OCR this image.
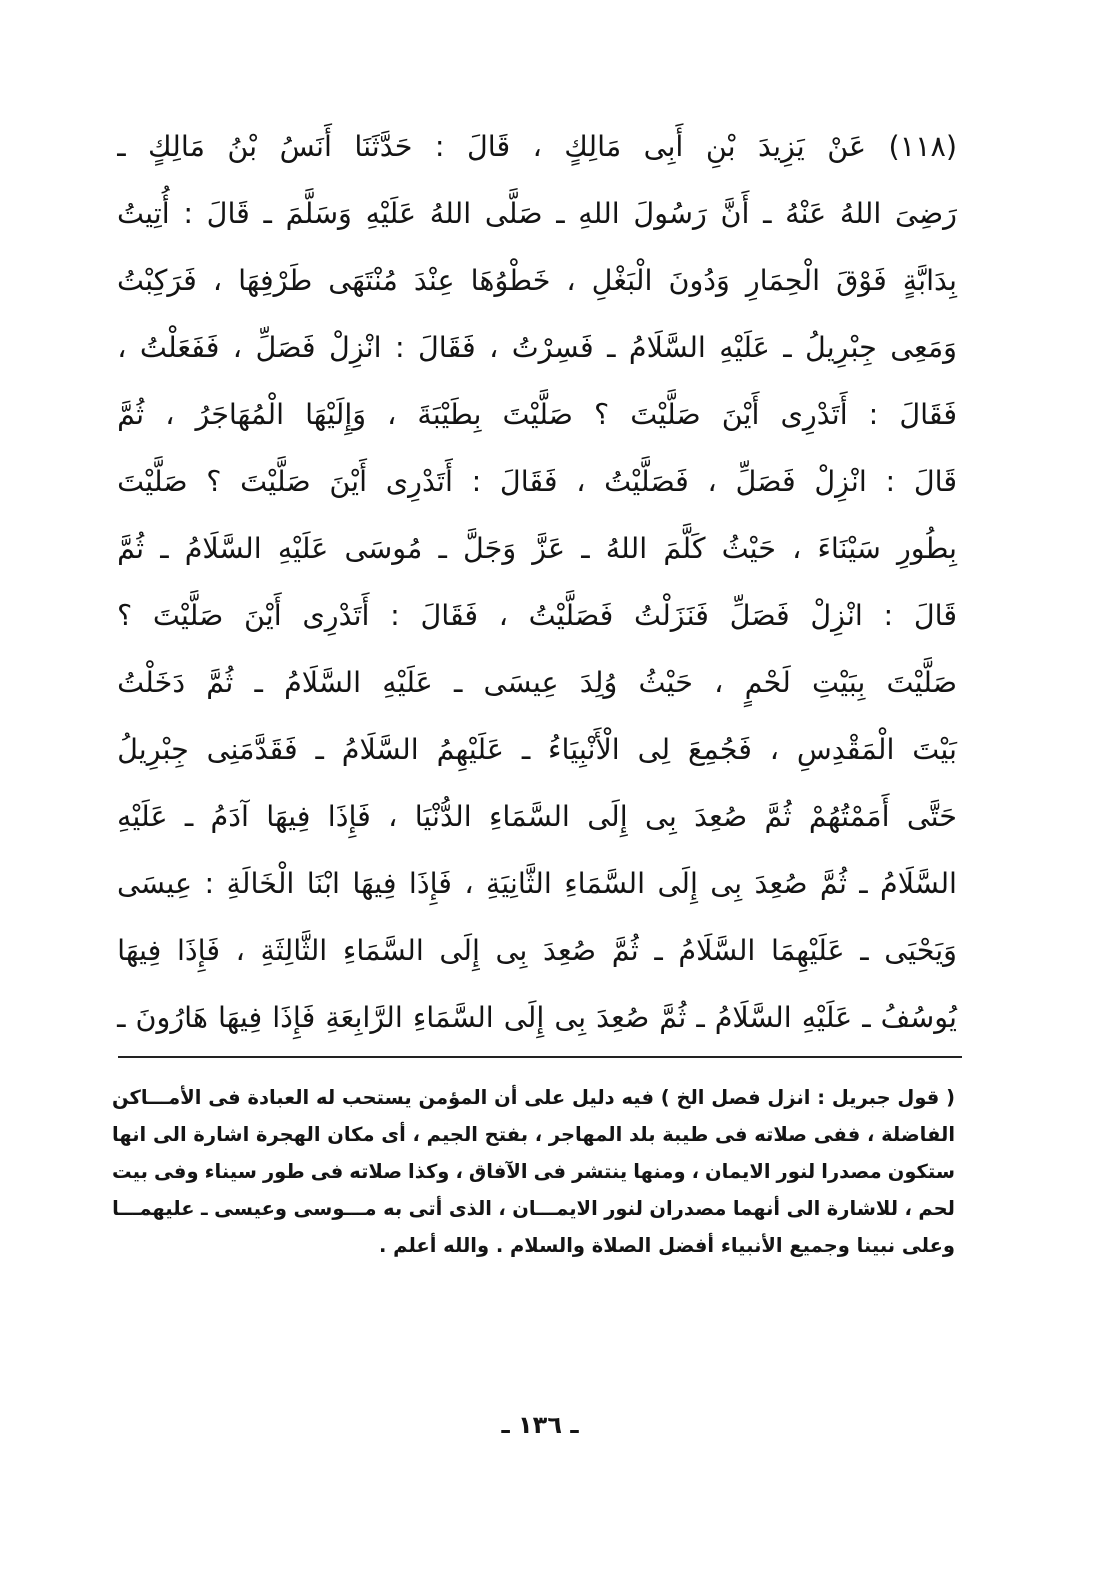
(١١٨)
عَنْ
يَزِيدَ
بْنِ
أَبِى
مَالِكٍ
،
قَالَ
:
حَدَّثَنَا
أَنَسُ
بْنُ
مَالِكٍ
ـ
رَضِىَ
اللهُ
عَنْهُ
ـ
أَنَّ
رَسُولَ
اللهِ
ـ
صَلَّى
اللهُ
عَلَيْهِ
وَسَلَّمَ
ـ
قَالَ
:
أُتِيتُ
بِدَابَّةٍ
فَوْقَ
الْحِمَارِ
وَدُونَ
الْبَغْلِ
،
خَطْوُهَا
عِنْدَ
مُنْتَهَى
طَرْفِهَا
،
فَرَكِبْتُ
وَمَعِى
جِبْرِيلُ
ـ
عَلَيْهِ
السَّلَامُ
ـ
فَسِرْتُ
،
فَقَالَ
:
انْزِلْ
فَصَلِّ
،
فَفَعَلْتُ
،
فَقَالَ
:
أَتَدْرِى
أَيْنَ
صَلَّيْتَ
؟
صَلَّيْتَ
بِطَيْبَةَ
،
وَإِلَيْهَا
الْمُهَاجَرُ
،
ثُمَّ
قَالَ
:
انْزِلْ
فَصَلِّ
،
فَصَلَّيْتُ
،
فَقَالَ
:
أَتَدْرِى
أَيْنَ
صَلَّيْتَ
؟
صَلَّيْتَ
بِطُورِ
سَيْنَاءَ
،
حَيْثُ
كَلَّمَ
اللهُ
ـ
عَزَّ
وَجَلَّ
ـ
مُوسَى
عَلَيْهِ
السَّلَامُ
ـ
ثُمَّ
قَالَ
:
انْزِلْ
فَصَلِّ
فَنَزَلْتُ
فَصَلَّيْتُ
،
فَقَالَ
:
أَتَدْرِى
أَيْنَ
صَلَّيْتَ
؟
صَلَّيْتَ
بِبَيْتِ
لَحْمٍ
،
حَيْثُ
وُلِدَ
عِيسَى
ـ
عَلَيْهِ
السَّلَامُ
ـ
ثُمَّ
دَخَلْتُ
بَيْتَ
الْمَقْدِسِ
،
فَجُمِعَ
لِى
الْأَنْبِيَاءُ
ـ
عَلَيْهِمُ
السَّلَامُ
ـ
فَقَدَّمَنِى
جِبْرِيلُ
حَتَّى
أَمَمْتُهُمْ
ثُمَّ
صُعِدَ
بِى
إِلَى
السَّمَاءِ
الدُّنْيَا
،
فَإِذَا
فِيهَا
آدَمُ
ـ
عَلَيْهِ
السَّلَامُ
ـ
ثُمَّ
صُعِدَ
بِى
إِلَى
السَّمَاءِ
الثَّانِيَةِ
،
فَإِذَا
فِيهَا
ابْنَا
الْخَالَةِ
:
عِيسَى
وَيَحْيَى
ـ
عَلَيْهِمَا
السَّلَامُ
ـ
ثُمَّ
صُعِدَ
بِى
إِلَى
السَّمَاءِ
الثَّالِثَةِ
،
فَإِذَا
فِيهَا
يُوسُفُ
ـ
عَلَيْهِ
السَّلَامُ
ـ
ثُمَّ
صُعِدَ
بِى
إِلَى
السَّمَاءِ
الرَّابِعَةِ
فَإِذَا
فِيهَا
هَارُونَ
ـ
(
قول
جبريل
:
انزل
فصل
الخ
)
فيه
دليل
على
أن
المؤمن
يستحب
له
العبادة
فى
الأمـــاكن
الفاضلة
،
ففى
صلاته
فى
طيبة
بلد
المهاجر
،
بفتح
الجيم
،
أى
مكان
الهجرة
اشارة
الى
انها
ستكون
مصدرا
لنور
الايمان
،
ومنها
ينتشر
فى
الآفاق
،
وكذا
صلاته
فى
طور
سيناء
وفى
بيت
لحم
،
للاشارة
الى
أنهما
مصدران
لنور
الايمـــان
،
الذى
أتى
به
مـــوسى
وعيسى
ـ
عليهمـــا
وعلى نبينا وجميع الأنبياء أفضل الصلاة والسلام . والله أعلم .
ـ ١٣٦ ـ
